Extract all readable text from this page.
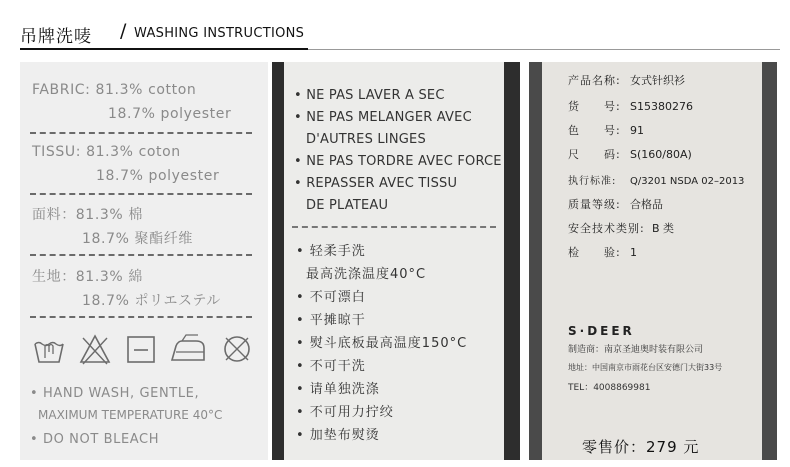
吊牌洗唛 / WASHING INSTRUCTIONS
FABRIC: 81.3% cotton
18.7% polyester
TISSU: 81.3% coton
18.7% polyester
面料：81.3% 棉
18.7% 聚酯纤维
生地：81.3% 綿
18.7% ポリエステル
• HAND WASH, GENTLE,
MAXIMUM TEMPERATURE 40°C
• DO NOT BLEACH
• NE PAS LAVER A SEC
• NE PAS MELANGER AVEC
D'AUTRES LINGES
• NE PAS TORDRE AVEC FORCE
• REPASSER AVEC TISSU
DE PLATEAU
• 轻柔手洗
最高洗涤温度40°C
• 不可漂白
• 平摊晾干
• 熨斗底板最高温度150°C
• 不可干洗
• 请单独洗涤
• 不可用力拧绞
• 加垫布熨烫
产品名称: 女式针织衫
货　　号: S15380276
色　　号: 91
尺　　码: S(160/80A)
执行标准: Q/3201 NSDA 02–2013
质量等级: 合格品
安全技术类别: B 类
检　　验: 1
S·DEER
制造商：南京圣迪奥时装有限公司
地址：中国南京市雨花台区安德门大街33号
TEL：4008869981
零售价：279 元
